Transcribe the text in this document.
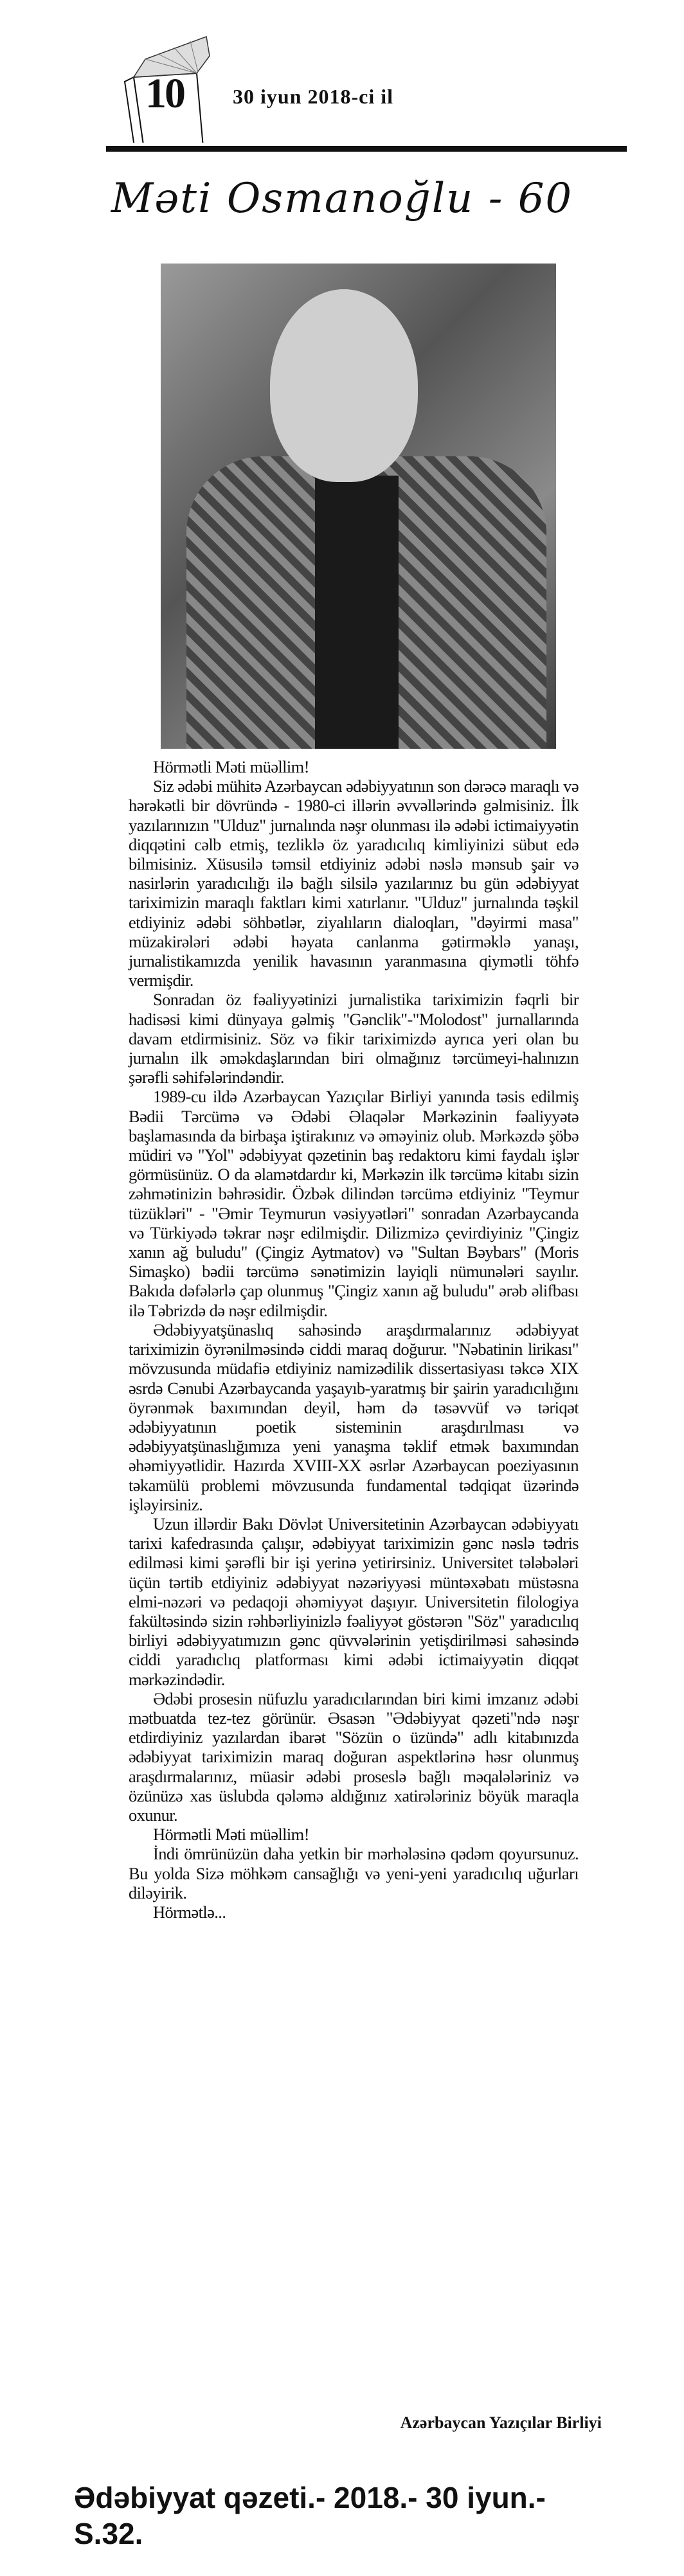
10 30 iyun 2018-ci il
Məti Osmanoğlu - 60

Hörmətli Məti müəllim!

Siz ədəbi mühitə Azərbaycan ədəbiyyatının son dərəcə maraqlı və hərəkətli bir dövründə - 1980-ci illərin əvvəllərində gəlmisiniz. İlk yazılarınızın "Ulduz" jurnalında nəşr olunması ilə ədəbi ictimaiyyətin diqqətini cəlb etmiş, tezliklə öz yaradıcılıq kimliyinizi sübut edə bilmisiniz. Xüsusilə təmsil etdiyiniz ədəbi nəslə mənsub şair və nasirlərin yaradıcılığı ilə bağlı silsilə yazılarınız bu gün ədəbiyyat tariximizin maraqlı faktları kimi xatırlanır. "Ulduz" jurnalında təşkil etdiyiniz ədəbi söhbətlər, ziyalıların dialoqları, "dəyirmi masa" müzakirələri ədəbi həyata canlanma gətirməklə yanaşı, jurnalistikamızda yenilik havasının yaranmasına qiymətli töhfə vermişdir.

Sonradan öz fəaliyyətinizi jurnalistika tariximizin fəqrli bir hadisəsi kimi dünyaya gəlmiş "Gənclik"-"Molodost" jurnallarında davam etdirmisiniz. Söz və fikir tariximizdə ayrıca yeri olan bu jurnalın ilk əməkdaşlarından biri olmağınız tərcümeyi-halınızın şərəfli səhifələrindəndir.

1989-cu ildə Azərbaycan Yazıçılar Birliyi yanında təsis edilmiş Bədii Tərcümə və Ədəbi Əlaqələr Mərkəzinin fəaliyyətə başlamasında da birbaşa iştirakınız və əməyiniz olub. Mərkəzdə şöbə müdiri və "Yol" ədəbiyyat qəzetinin baş redaktoru kimi faydalı işlər görmüsünüz. O da əlamətdardır ki, Mərkəzin ilk tərcümə kitabı sizin zəhmətinizin bəhrəsidir. Özbək dilindən tərcümə etdiyiniz "Teymur tüzükləri" - "Əmir Teymurun vəsiyyətləri" sonradan Azərbaycanda və Türkiyədə təkrar nəşr edilmişdir. Dilizmizə çevirdiyiniz "Çingiz xanın ağ buludu" (Çingiz Aytmatov) və "Sultan Bəybars" (Moris Simaşko) bədii tərcümə sənətimizin layiqli nümunələri sayılır. Bakıda dəfələrlə çap olunmuş "Çingiz xanın ağ buludu" ərəb əlifbası ilə Təbrizdə də nəşr edilmişdir.

Ədəbiyyatşünaslıq sahəsində araşdırmalarınız ədəbiyyat tariximizin öyrənilməsində ciddi maraq doğurur. "Nəbatinin lirikası" mövzusunda müdafiə etdiyiniz namizədilik dissertasiyası təkcə XIX əsrdə Cənubi Azərbaycanda yaşayıb-yaratmış bir şairin yaradıcılığını öyrənmək baxımından deyil, həm də təsəvvüf və təriqət ədəbiyyatının poetik sisteminin araşdırılması və ədəbiyyatşünaslığımıza yeni yanaşma təklif etmək baxımından əhəmiyyətlidir. Hazırda XVIII-XX əsrlər Azərbaycan poeziyasının təkamülü problemi mövzusunda fundamental tədqiqat üzərində işləyirsiniz.

Uzun illərdir Bakı Dövlət Universitetinin Azərbaycan ədəbiyyatı tarixi kafedrasında çalışır, ədəbiyyat tariximizin gənc nəslə tədris edilməsi kimi şərəfli bir işi yerinə yetirirsiniz. Universitet tələbələri üçün tərtib etdiyiniz ədəbiyyat nəzəriyyəsi müntəxəbatı müstəsna elmi-nəzəri və pedaqoji əhəmiyyət daşıyır. Universitetin filologiya fakültəsində sizin rəhbərliyinizlə fəaliyyət göstərən "Söz" yaradıcılıq birliyi ədəbiyyatımızın gənc qüvvələrinin yetişdirilməsi sahəsində ciddi yaradıclıq platforması kimi ədəbi ictimaiyyətin diqqət mərkəzindədir.

Ədəbi prosesin nüfuzlu yaradıcılarından biri kimi imzanız ədəbi mətbuatda tez-tez görünür. Əsasən "Ədəbiyyat qəzeti"ndə nəşr etdirdiyiniz yazılardan ibarət "Sözün o üzündə" adlı kitabınızda ədəbiyyat tariximizin maraq doğuran aspektlərinə həsr olunmuş araşdırmalarınız, müasir ədəbi proseslə bağlı məqalələriniz və özünüzə xas üslubda qələmə aldığınız xatirələriniz böyük maraqla oxunur.

Hörmətli Məti müəllim!

İndi ömrünüzün daha yetkin bir mərhələsinə qədəm qoyursunuz. Bu yolda Sizə möhkəm cansağlığı və yeni-yeni yaradıcılıq uğurları diləyirik.

Hörmətlə...

Azərbaycan Yazıçılar Birliyi
Ədəbiyyat qəzeti.- 2018.- 30 iyun.-S.32.
